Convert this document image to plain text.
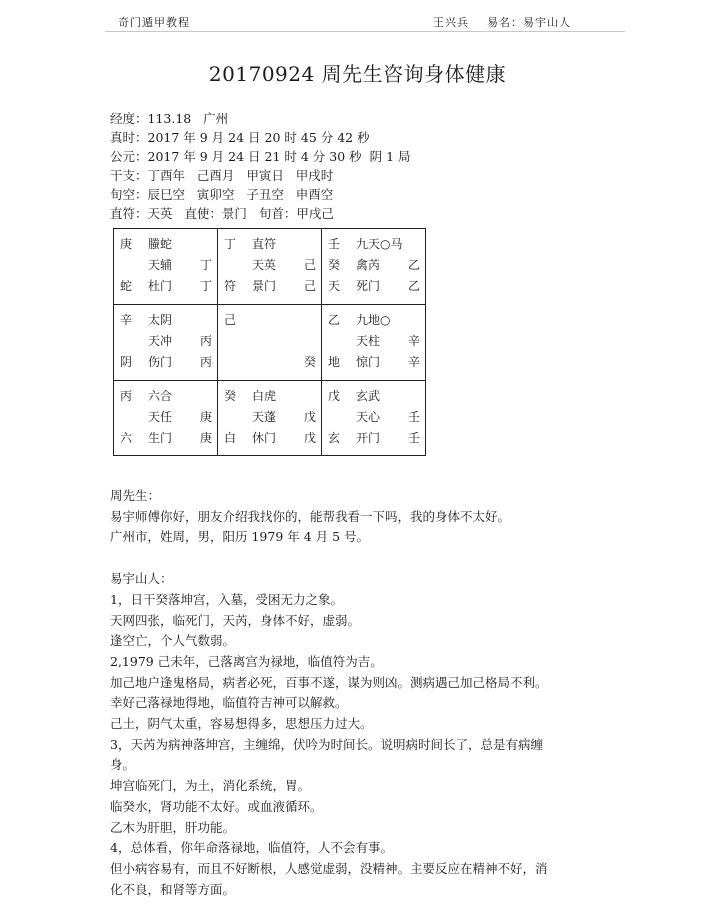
奇门遁甲教程	王兴兵 易名：易宇山人
20170924 周先生咨询身体健康
经度：113.18   广州
真时：2017 年 9 月 24 日 20 时 45 分 42 秒
公元：2017 年 9 月 24 日 21 时 4 分 30 秒  阴 1 局
干支：丁酉年   己酉月   甲寅日   甲戌时
旬空：辰巳空   寅卯空   子丑空   申酉空
直符：天英   直使：景门   旬首：甲戌己
庚 螣蛇
天辅 丁
蛇 杜门 丁
丁 直符
天英 己
符 景门 己
壬 九天○马
癸 禽芮 乙
天 死门 乙
辛 太阴
天冲 丙
阴 伤门 丙
己
癸
乙 九地○
天柱 辛
地 惊门 辛
丙 六合
天任 庚
六 生门 庚
癸 白虎
天蓬 戊
白 休门 戊
戊 玄武
天心 壬
玄 开门 壬

周先生：

易宇师傅你好，朋友介绍我找你的，能帮我看一下吗，我的身体不太好。

广州市，姓周，男，阳历 1979 年 4 月 5 号。

易宇山人：

1，日干癸落坤宫，入墓，受困无力之象。

天网四张，临死门，天芮，身体不好，虚弱。

逢空亡，个人气数弱。

2,1979 己未年，己落离宫为禄地，临值符为吉。

加己地户逢鬼格局，病者必死，百事不遂，谋为则凶。测病遇己加己格局不利。

幸好己落禄地得地，临值符吉神可以解救。

己土，阴气太重，容易想得多，思想压力过大。

3，天芮为病神落坤宫，主缠绵，伏吟为时间长。说明病时间长了，总是有病缠

身。

坤宫临死门，为土，消化系统，胃。

临癸水，肾功能不太好。或血液循环。

乙木为肝胆，肝功能。

4，总体看，你年命落禄地，临值符，人不会有事。

但小病容易有，而且不好断根，人感觉虚弱，没精神。主要反应在精神不好，消

化不良，和肾等方面。
